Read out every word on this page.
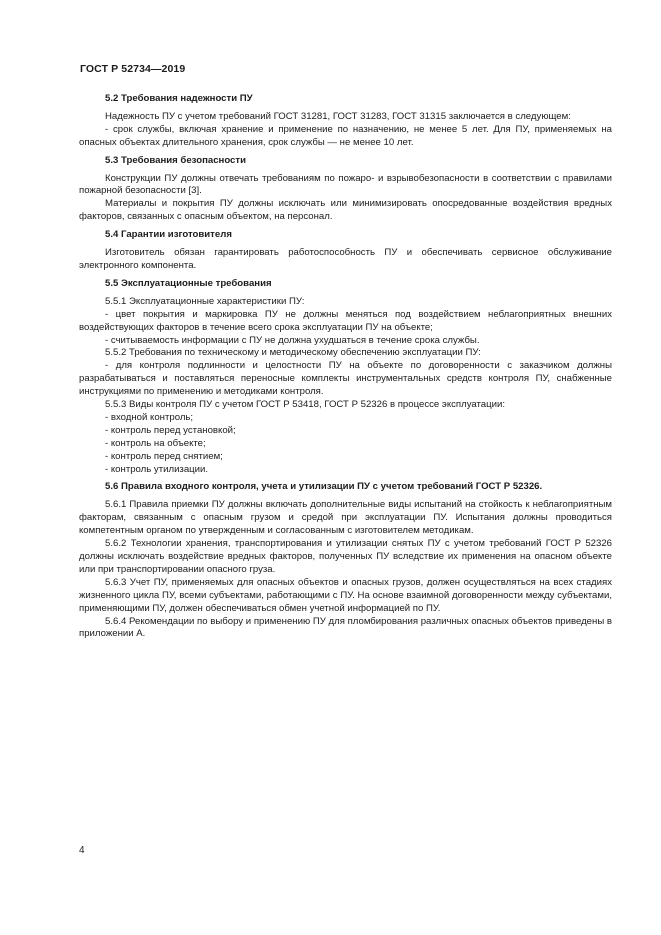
ГОСТ Р 52734—2019
5.2 Требования надежности ПУ

Надежность ПУ с учетом требований ГОСТ 31281, ГОСТ 31283, ГОСТ 31315 заключается в следующем:

- срок службы, включая хранение и применение по назначению, не менее 5 лет. Для ПУ, применяемых на опасных объектах длительного хранения, срок службы — не менее 10 лет.

5.3 Требования безопасности

Конструкции ПУ должны отвечать требованиям по пожаро- и взрывобезопасности в соответствии с правилами пожарной безопасности [3].

Материалы и покрытия ПУ должны исключать или минимизировать опосредованные воздействия вредных факторов, связанных с опасным объектом, на персонал.

5.4 Гарантии изготовителя

Изготовитель обязан гарантировать работоспособность ПУ и обеспечивать сервисное обслуживание электронного компонента.

5.5 Эксплуатационные требования

5.5.1 Эксплуатационные характеристики ПУ:

- цвет покрытия и маркировка ПУ не должны меняться под воздействием неблагоприятных внешних воздействующих факторов в течение всего срока эксплуатации ПУ на объекте;

- считываемость информации с ПУ не должна ухудшаться в течение срока службы.

5.5.2 Требования по техническому и методическому обеспечению эксплуатации ПУ:

- для контроля подлинности и целостности ПУ на объекте по договоренности с заказчиком должны разрабатываться и поставляться переносные комплекты инструментальных средств контроля ПУ, снабженные инструкциями по применению и методиками контроля.

5.5.3 Виды контроля ПУ с учетом ГОСТ Р 53418, ГОСТ Р 52326 в процессе эксплуатации:

- входной контроль;

- контроль перед установкой;

- контроль на объекте;

- контроль перед снятием;

- контроль утилизации.

5.6 Правила входного контроля, учета и утилизации ПУ с учетом требований ГОСТ Р 52326.

5.6.1 Правила приемки ПУ должны включать дополнительные виды испытаний на стойкость к неблагоприятным факторам, связанным с опасным грузом и средой при эксплуатации ПУ. Испытания должны проводиться компетентным органом по утвержденным и согласованным с изготовителем методикам.

5.6.2 Технологии хранения, транспортирования и утилизации снятых ПУ с учетом требований ГОСТ Р 52326 должны исключать воздействие вредных факторов, полученных ПУ вследствие их применения на опасном объекте или при транспортировании опасного груза.

5.6.3 Учет ПУ, применяемых для опасных объектов и опасных грузов, должен осуществляться на всех стадиях жизненного цикла ПУ, всеми субъектами, работающими с ПУ. На основе взаимной договоренности между субъектами, применяющими ПУ, должен обеспечиваться обмен учетной информацией по ПУ.

5.6.4 Рекомендации по выбору и применению ПУ для пломбирования различных опасных объектов приведены в приложении А.

4
